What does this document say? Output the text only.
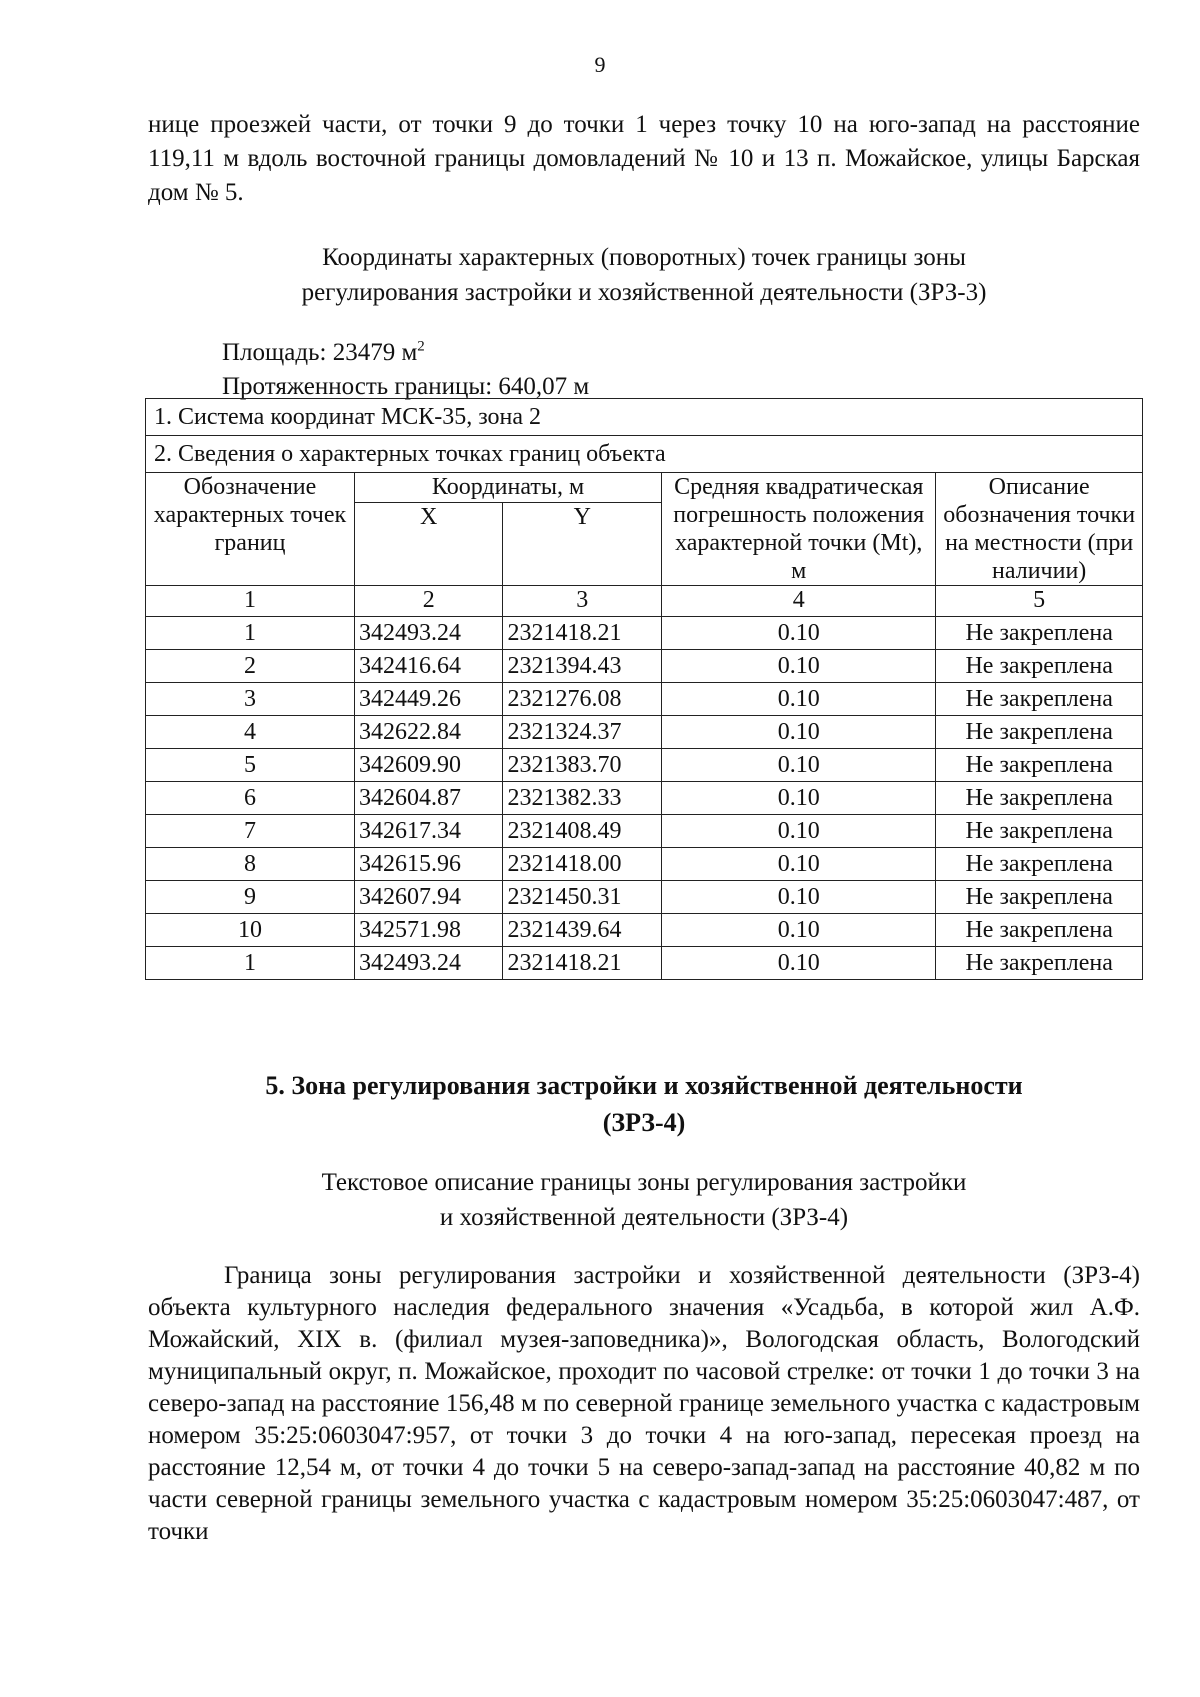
9
нице проезжей части, от точки 9 до точки 1 через точку 10 на юго-запад на расстояние 119,11 м вдоль восточной границы домовладений № 10 и 13 п. Можайское, улицы Барская дом № 5.
Координаты характерных (поворотных) точек границы зоны
регулирования застройки и хозяйственной деятельности (ЗРЗ-3)
Площадь: 23479 $м^2$
Протяженность границы: 640,07 м
1. Система координат МСК-35, зона 2				
2. Сведения о характерных точках границ объекта				
Обозначение характерных точек границ	Координаты, м		Средняя квадратическая погрешность положения характерной точки (Mt), м	Описание обозначения точки на местности (при наличии)
	X	Y		
1	2	3	4	5
1	342493.24	2321418.21	0.10	Не закреплена
2	342416.64	2321394.43	0.10	Не закреплена
3	342449.26	2321276.08	0.10	Не закреплена
4	342622.84	2321324.37	0.10	Не закреплена
5	342609.90	2321383.70	0.10	Не закреплена
6	342604.87	2321382.33	0.10	Не закреплена
7	342617.34	2321408.49	0.10	Не закреплена
8	342615.96	2321418.00	0.10	Не закреплена
9	342607.94	2321450.31	0.10	Не закреплена
10	342571.98	2321439.64	0.10	Не закреплена
1	342493.24	2321418.21	0.10	Не закреплена
5. Зона регулирования застройки и хозяйственной деятельности
(ЗРЗ-4)
Текстовое описание границы зоны регулирования застройки
и хозяйственной деятельности (ЗРЗ-4)
Граница зоны регулирования застройки и хозяйственной деятельности (ЗРЗ-4) объекта культурного наследия федерального значения «Усадьба, в которой жил А.Ф. Можайский, XIX в. (филиал музея-заповедника)», Вологодская область, Вологодский муниципальный округ, п. Можайское, проходит по часовой стрелке: от точки 1 до точки 3 на северо-запад на расстояние 156,48 м по северной границе земельного участка с кадастровым номером 35:25:0603047:957, от точки 3 до точки 4 на юго-запад, пересекая проезд на расстояние 12,54 м, от точки 4 до точки 5 на северо-запад-запад на расстояние 40,82 м по части северной границы земельного участка с кадастровым номером 35:25:0603047:487, от точки
